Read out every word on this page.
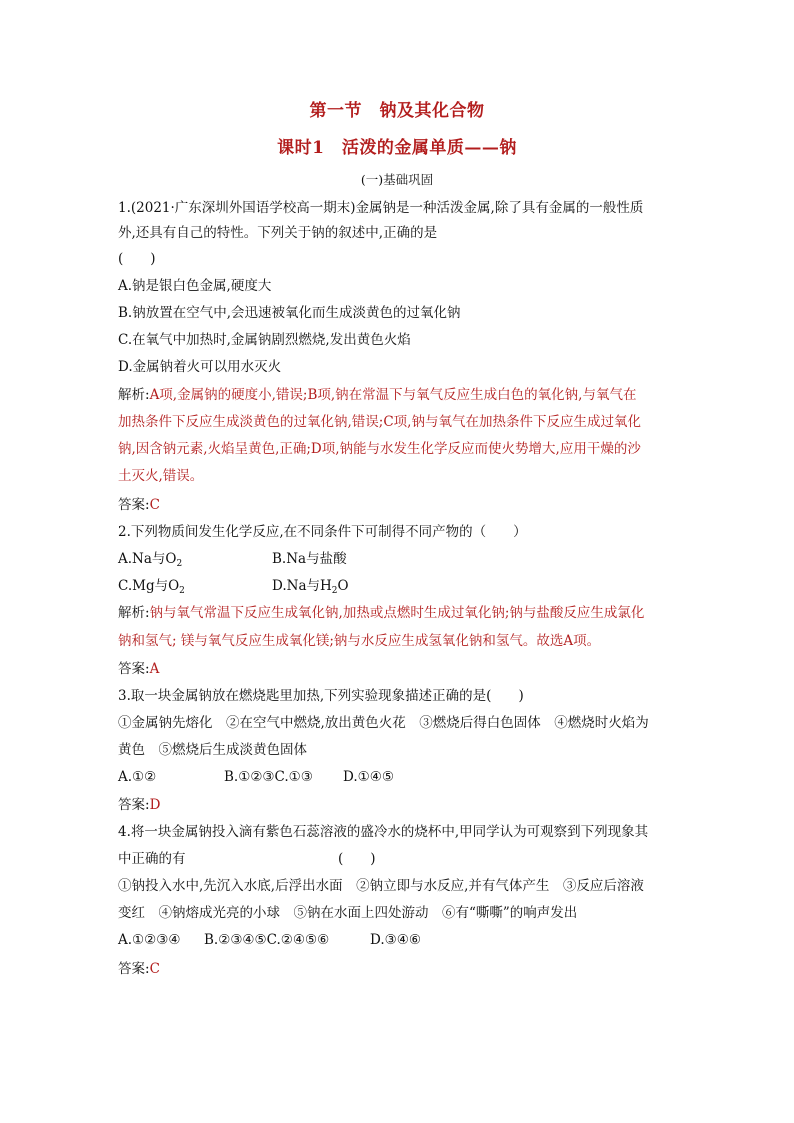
第一节　钠及其化合物
课时1　活泼的金属单质——钠
(一)基础巩固
1.(2021·广东深圳外国语学校高一期末)金属钠是一种活泼金属,除了具有金属的一般性质
外,还具有自己的特性。下列关于钠的叙述中,正确的是
(　　)
A.钠是银白色金属,硬度大
B.钠放置在空气中,会迅速被氧化而生成淡黄色的过氧化钠
C.在氧气中加热时,金属钠剧烈燃烧,发出黄色火焰
D.金属钠着火可以用水灭火
解析:A项,金属钠的硬度小,错误;B项,钠在常温下与氧气反应生成白色的氧化钠,与氧气在
加热条件下反应生成淡黄色的过氧化钠,错误;C项,钠与氧气在加热条件下反应生成过氧化
钠,因含钠元素,火焰呈黄色,正确;D项,钠能与水发生化学反应而使火势增大,应用干燥的沙
土灭火,错误。
答案:C
2.下列物质间发生化学反应,在不同条件下可制得不同产物的（　　）
A.Na与$O_2$	B.Na与盐酸
C.Mg与$O_2$	D.Na与$H_2O$
解析:钠与氧气常温下反应生成氧化钠,加热或点燃时生成过氧化钠;钠与盐酸反应生成氯化
钠和氢气; 镁与氧气反应生成氧化镁;钠与水反应生成氢氧化钠和氢气。故选A项。
答案:A
3.取一块金属钠放在燃烧匙里加热,下列实验现象描述正确的是(　　)
①金属钠先熔化　②在空气中燃烧,放出黄色火花　③燃烧后得白色固体　④燃烧时火焰为
黄色　⑤燃烧后生成淡黄色固体
A.①②	B.①②③C.①③ D.①④⑤
答案:D
4.将一块金属钠投入滴有紫色石蕊溶液的盛冷水的烧杯中,甲同学认为可观察到下列现象其
中正确的有	(　　)
①钠投入水中,先沉入水底,后浮出水面　②钠立即与水反应,并有气体产生　③反应后溶液
变红　④钠熔成光亮的小球　⑤钠在水面上四处游动　⑥有“嘶嘶”的响声发出
A.①②③④ B.②③④⑤C.②④⑤⑥	D.③④⑥
答案:C
